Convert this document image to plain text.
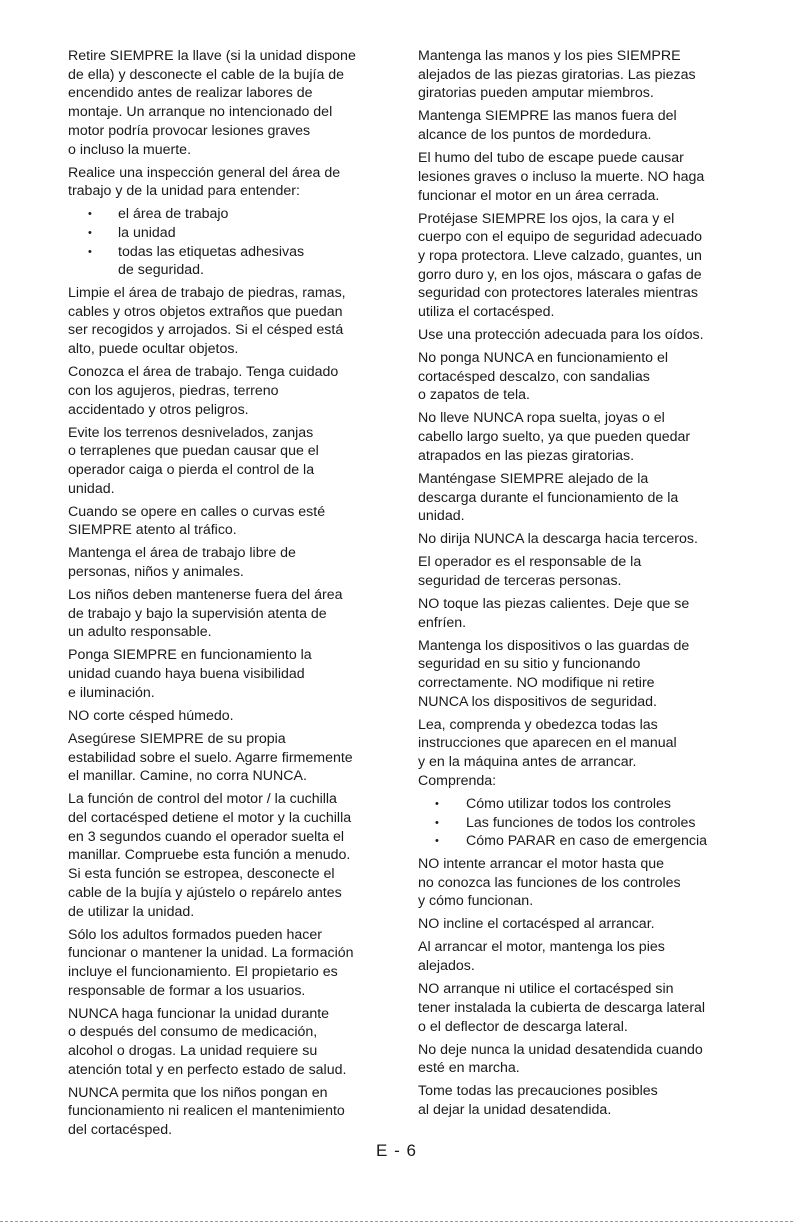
Retire SIEMPRE la llave (si la unidad dispone
de ella) y desconecte el cable de la bujía de
encendido antes de realizar labores de
montaje. Un arranque no intencionado del
motor podría provocar lesiones graves
o incluso la muerte.

Realice una inspección general del área de
trabajo y de la unidad para entender:

• el área de trabajo
• la unidad
• todas las etiquetas adhesivas
de seguridad.

Limpie el área de trabajo de piedras, ramas,
cables y otros objetos extraños que puedan
ser recogidos y arrojados. Si el césped está
alto, puede ocultar objetos.

Conozca el área de trabajo. Tenga cuidado
con los agujeros, piedras, terreno
accidentado y otros peligros.

Evite los terrenos desnivelados, zanjas
o terraplenes que puedan causar que el
operador caiga o pierda el control de la
unidad.

Cuando se opere en calles o curvas esté
SIEMPRE atento al tráfico.

Mantenga el área de trabajo libre de
personas, niños y animales.

Los niños deben mantenerse fuera del área
de trabajo y bajo la supervisión atenta de
un adulto responsable.

Ponga SIEMPRE en funcionamiento la
unidad cuando haya buena visibilidad
e iluminación.

NO corte césped húmedo.

Asegúrese SIEMPRE de su propia
estabilidad sobre el suelo. Agarre firmemente
el manillar. Camine, no corra NUNCA.

La función de control del motor / la cuchilla
del cortacésped detiene el motor y la cuchilla
en 3 segundos cuando el operador suelta el
manillar. Compruebe esta función a menudo.
Si esta función se estropea, desconecte el
cable de la bujía y ajústelo o repárelo antes
de utilizar la unidad.

Sólo los adultos formados pueden hacer
funcionar o mantener la unidad. La formación
incluye el funcionamiento. El propietario es
responsable de formar a los usuarios.

NUNCA haga funcionar la unidad durante
o después del consumo de medicación,
alcohol o drogas. La unidad requiere su
atención total y en perfecto estado de salud.

NUNCA permita que los niños pongan en
funcionamiento ni realicen el mantenimiento
del cortacésped.

Mantenga las manos y los pies SIEMPRE
alejados de las piezas giratorias. Las piezas
giratorias pueden amputar miembros.

Mantenga SIEMPRE las manos fuera del
alcance de los puntos de mordedura.

El humo del tubo de escape puede causar
lesiones graves o incluso la muerte. NO haga
funcionar el motor en un área cerrada.

Protéjase SIEMPRE los ojos, la cara y el
cuerpo con el equipo de seguridad adecuado
y ropa protectora. Lleve calzado, guantes, un
gorro duro y, en los ojos, máscara o gafas de
seguridad con protectores laterales mientras
utiliza el cortacésped.

Use una protección adecuada para los oídos.

No ponga NUNCA en funcionamiento el
cortacésped descalzo, con sandalias
o zapatos de tela.

No lleve NUNCA ropa suelta, joyas o el
cabello largo suelto, ya que pueden quedar
atrapados en las piezas giratorias.

Manténgase SIEMPRE alejado de la
descarga durante el funcionamiento de la
unidad.

No dirija NUNCA la descarga hacia terceros.

El operador es el responsable de la
seguridad de terceras personas.

NO toque las piezas calientes. Deje que se
enfríen.

Mantenga los dispositivos o las guardas de
seguridad en su sitio y funcionando
correctamente. NO modifique ni retire
NUNCA los dispositivos de seguridad.

Lea, comprenda y obedezca todas las
instrucciones que aparecen en el manual
y en la máquina antes de arrancar.
Comprenda:

• Cómo utilizar todos los controles
• Las funciones de todos los controles
• Cómo PARAR en caso de emergencia

NO intente arrancar el motor hasta que
no conozca las funciones de los controles
y cómo funcionan.

NO incline el cortacésped al arrancar.

Al arrancar el motor, mantenga los pies
alejados.

NO arranque ni utilice el cortacésped sin
tener instalada la cubierta de descarga lateral
o el deflector de descarga lateral.

No deje nunca la unidad desatendida cuando
esté en marcha.

Tome todas las precauciones posibles
al dejar la unidad desatendida.

E - 6
